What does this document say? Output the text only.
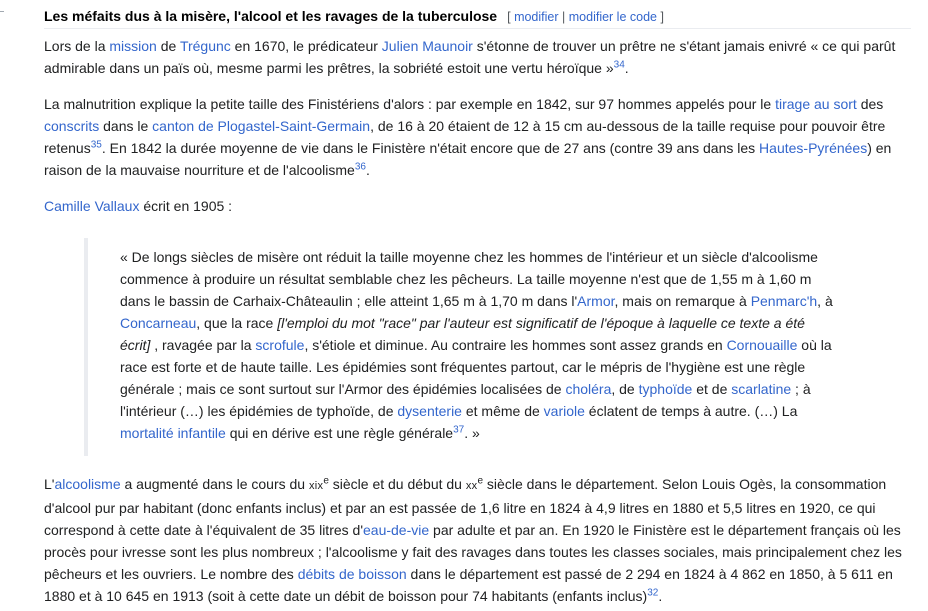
Les méfaits dus à la misère, l'alcool et les ravages de la tuberculose [ modifier | modifier le code ]

Lors de la mission de Trégunc en 1670, le prédicateur Julien Maunoir s'étonne de trouver un prêtre ne s'étant jamais enivré « ce qui parût admirable dans un païs où, mesme parmi les prêtres, la sobriété estoit une vertu héroïque »$^{34}$.

La malnutrition explique la petite taille des Finistériens d'alors : par exemple en 1842, sur 97 hommes appelés pour le tirage au sort des conscrits dans le canton de Plogastel-Saint-Germain, de 16 à 20 étaient de 12 à 15 cm au-dessous de la taille requise pour pouvoir être retenus$^{35}$. En 1842 la durée moyenne de vie dans le Finistère n'était encore que de 27 ans (contre 39 ans dans les Hautes-Pyrénées) en raison de la mauvaise nourriture et de l'alcoolisme$^{36}$.

Camille Vallaux écrit en 1905 :

« De longs siècles de misère ont réduit la taille moyenne chez les hommes de l'intérieur et un siècle d'alcoolisme commence à produire un résultat semblable chez les pêcheurs. La taille moyenne n'est que de 1,55 m à 1,60 m dans le bassin de Carhaix-Châteaulin ; elle atteint 1,65 m à 1,70 m dans l'Armor, mais on remarque à Penmarc'h, à Concarneau, que la race [l'emploi du mot "race" par l'auteur est significatif de l'époque à laquelle ce texte a été écrit] , ravagée par la scrofule, s'étiole et diminue. Au contraire les hommes sont assez grands en Cornouaille où la race est forte et de haute taille. Les épidémies sont fréquentes partout, car le mépris de l'hygiène est une règle générale ; mais ce sont surtout sur l'Armor des épidémies localisées de choléra, de typhoïde et de scarlatine ; à l'intérieur (…) les épidémies de typhoïde, de dysenterie et même de variole éclatent de temps à autre. (…) La mortalité infantile qui en dérive est une règle générale$^{37}$. »

L'alcoolisme a augmenté dans le cours du xix$^e$ siècle et du début du $xx^e$ siècle dans le département. Selon Louis Ogès, la consommation d'alcool pur par habitant (donc enfants inclus) et par an est passée de 1,6 litre en 1824 à 4,9 litres en 1880 et 5,5 litres en 1920, ce qui correspond à cette date à l'équivalent de 35 litres d'eau-de-vie par adulte et par an. En 1920 le Finistère est le département français où les procès pour ivresse sont les plus nombreux ; l'alcoolisme y fait des ravages dans toutes les classes sociales, mais principalement chez les pêcheurs et les ouvriers. Le nombre des débits de boisson dans le département est passé de 2 294 en 1824 à 4 862 en 1850, à 5 611 en 1880 et à 10 645 en 1913 (soit à cette date un débit de boisson pour 74 habitants (enfants inclus)$^{32}$.
